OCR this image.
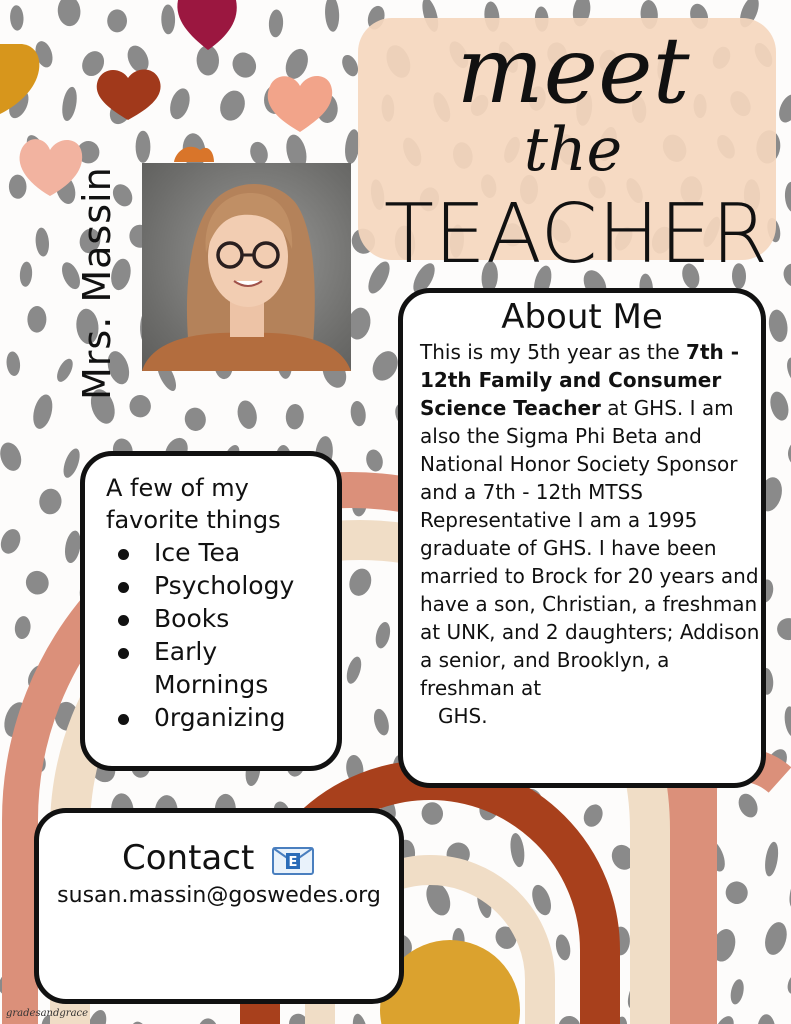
meet
the
TEACHER
Mrs. Massin	About Me
This is my 5th year as the 7th - 12th Family and Consumer Science Teacher at GHS. I am also the Sigma Phi Beta and National Honor Society Sponsor and a 7th - 12th MTSS Representative I am a 1995 graduate of GHS. I have been married to Brock for 20 years and have a son, Christian, a freshman at UNK, and 2 daughters; Addison, a senior, and Brooklyn, a freshman at
GHS.
A few of my favorite things
Ice Tea
Psychology
Books
Early Mornings
0rganizing
Contact	E
susan.massin@goswedes.org
gradesandgrace
